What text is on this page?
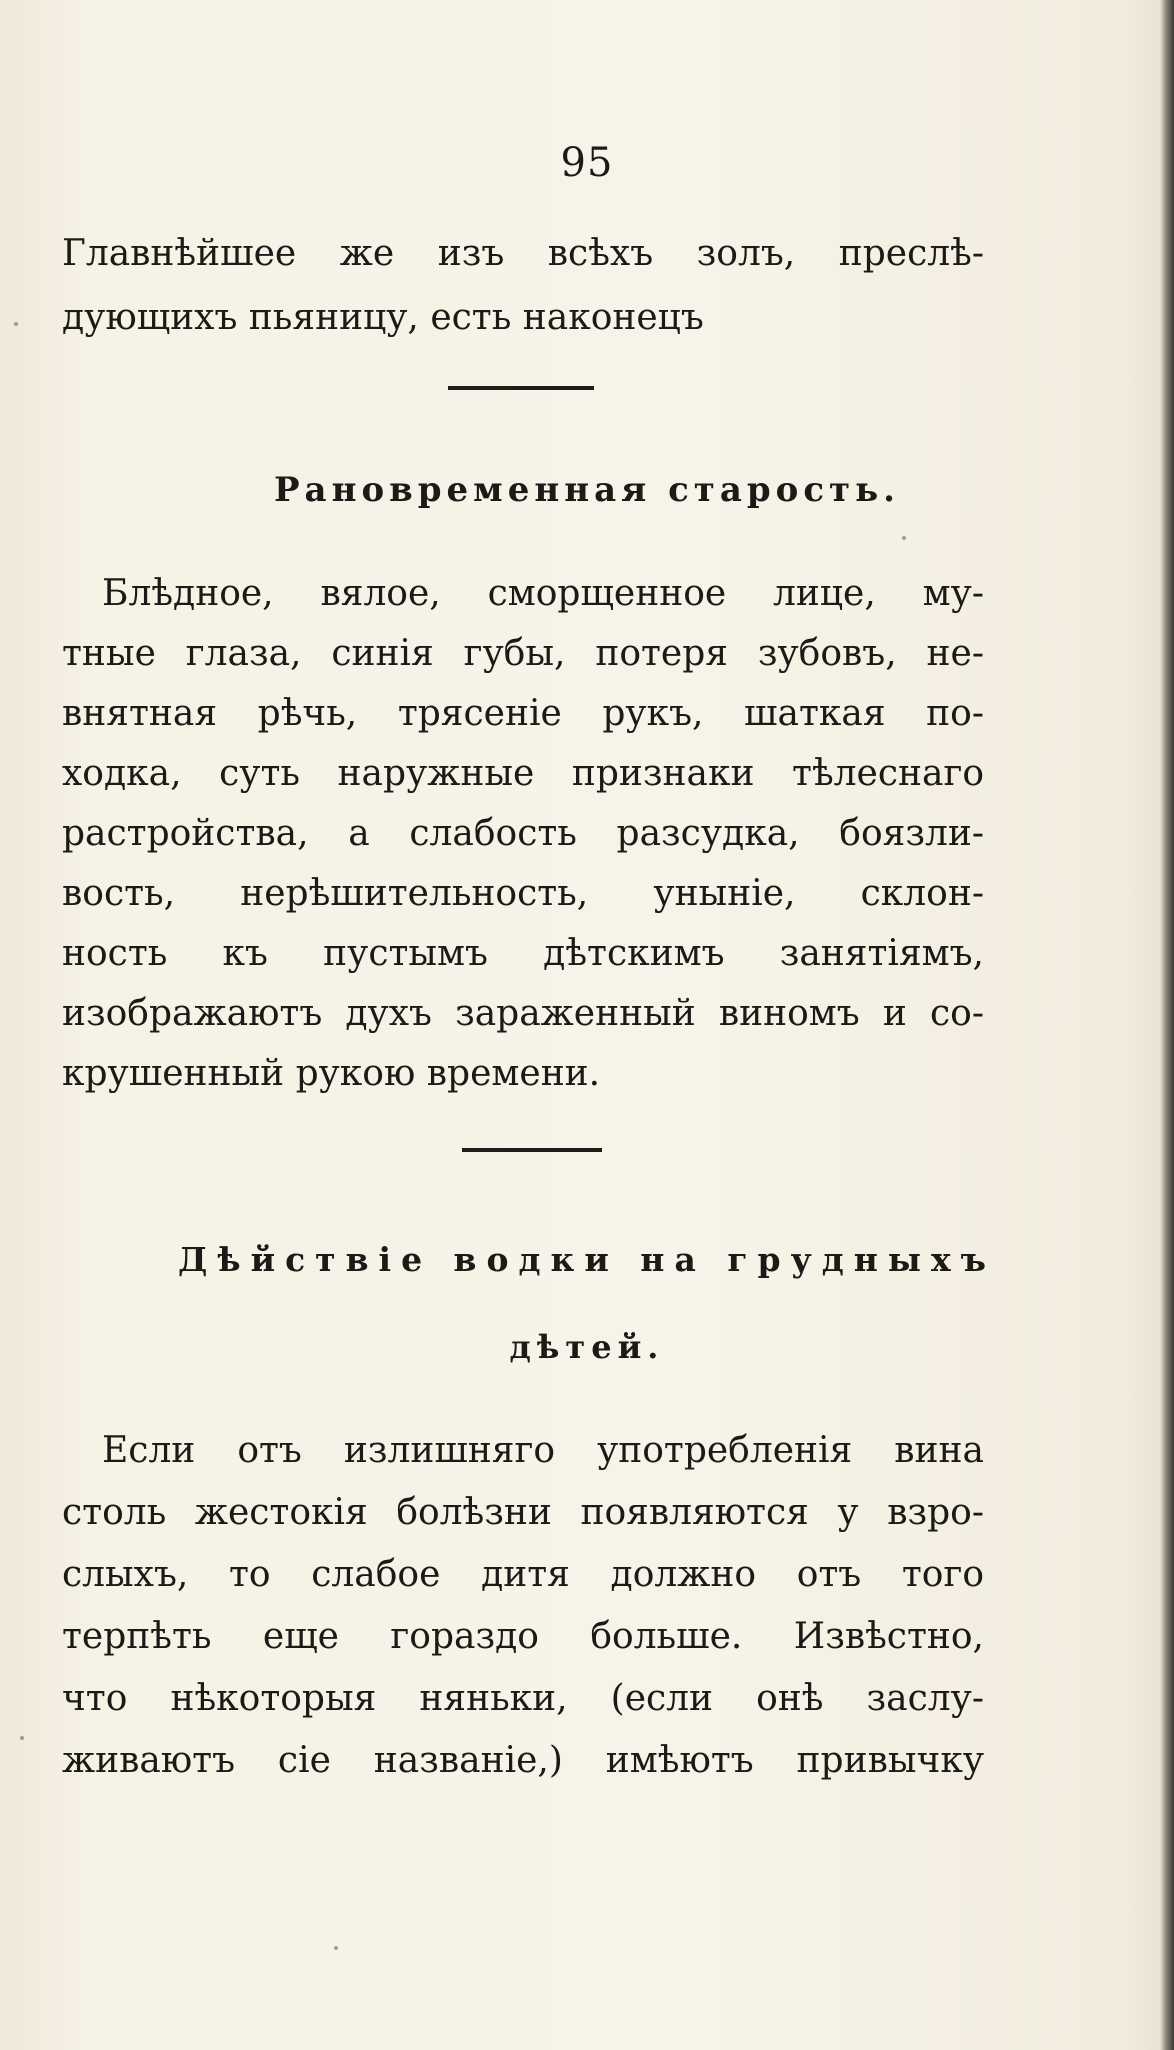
95
Главнѣйшее же изъ всѣхъ золъ, преслѣ-
дующихъ пьяницу, есть наконецъ
Рановременная старость.
Блѣдное, вялое, сморщенное лице, му-
тные глаза, синія губы, потеря зубовъ, не-
внятная рѣчь, трясеніе рукъ, шаткая по-
ходка, суть наружные признаки тѣлеснаго
растройства, а слабость разсудка, боязли-
вость, нерѣшительность, уныніе, склон-
ность къ пустымъ дѣтскимъ занятіямъ,
изображаютъ духъ зараженный виномъ и со-
крушенный рукою времени.
Дѣйствіе водки на грудныхъ
дѣтей.
Если отъ излишняго употребленія вина
столь жестокія болѣзни появляются у взро-
слыхъ, то слабое дитя должно отъ того
терпѣть еще гораздо больше. Извѣстно,
что нѣкоторыя няньки, (если онѣ заслу-
живаютъ сіе названіе,) имѣютъ привычку
